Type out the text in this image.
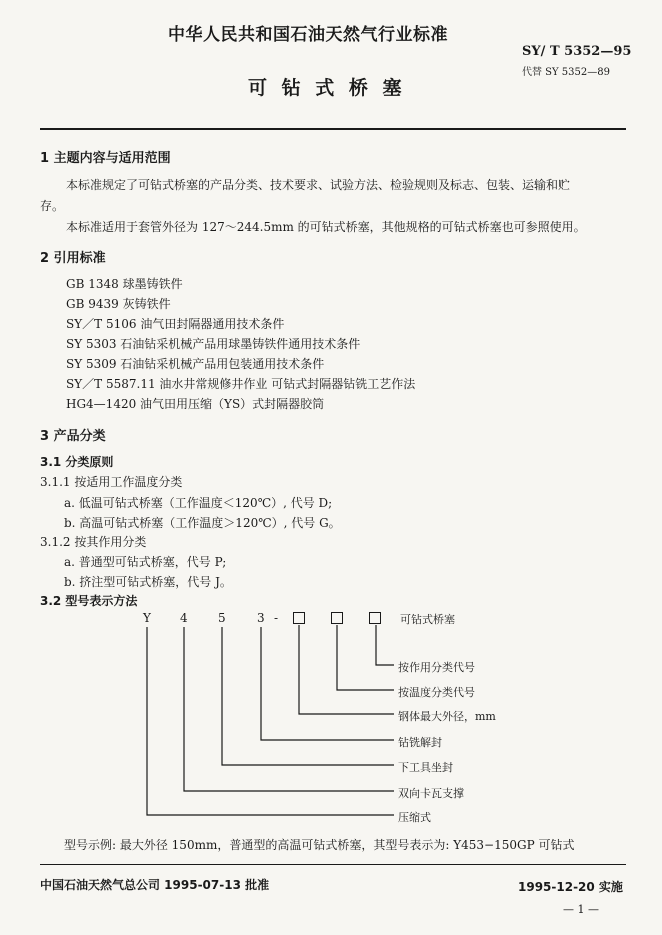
中华人民共和国石油天然气行业标准
SY/ T 5352—95
代替 SY 5352—89
可 钻 式 桥 塞
1 主题内容与适用范围
本标准规定了可钻式桥塞的产品分类、技术要求、试验方法、检验规则及标志、包装、运输和贮
存。
本标准适用于套管外径为 127～244.5mm 的可钻式桥塞，其他规格的可钻式桥塞也可参照使用。
2 引用标准
GB 1348 球墨铸铁件
GB 9439 灰铸铁件
SY／T 5106 油气田封隔器通用技术条件
SY 5303 石油钻采机械产品用球墨铸铁件通用技术条件
SY 5309 石油钻采机械产品用包装通用技术条件
SY／T 5587.11 油水井常规修井作业 可钻式封隔器钻铣工艺作法
HG4—1420 油气田用压缩（YS）式封隔器胶筒
3 产品分类
3.1 分类原则
3.1.1 按适用工作温度分类
a. 低温可钻式桥塞（工作温度＜120℃）, 代号 D;
b. 高温可钻式桥塞（工作温度＞120℃）, 代号 G。
3.1.2 按其作用分类
a. 普通型可钻式桥塞，代号 P;
b. 挤注型可钻式桥塞，代号 J。
3.2 型号表示方法
Y 4	5	3 -	可钻式桥塞
按作用分类代号
按温度分类代号
钢体最大外径，mm
钻铣解封
下工具坐封
双向卡瓦支撑
压缩式
型号示例: 最大外径 150mm，普通型的高温可钻式桥塞，其型号表示为: Y453−150GP 可钻式
中国石油天然气总公司 1995-07-13 批准	1995-12-20 实施
— 1 —
